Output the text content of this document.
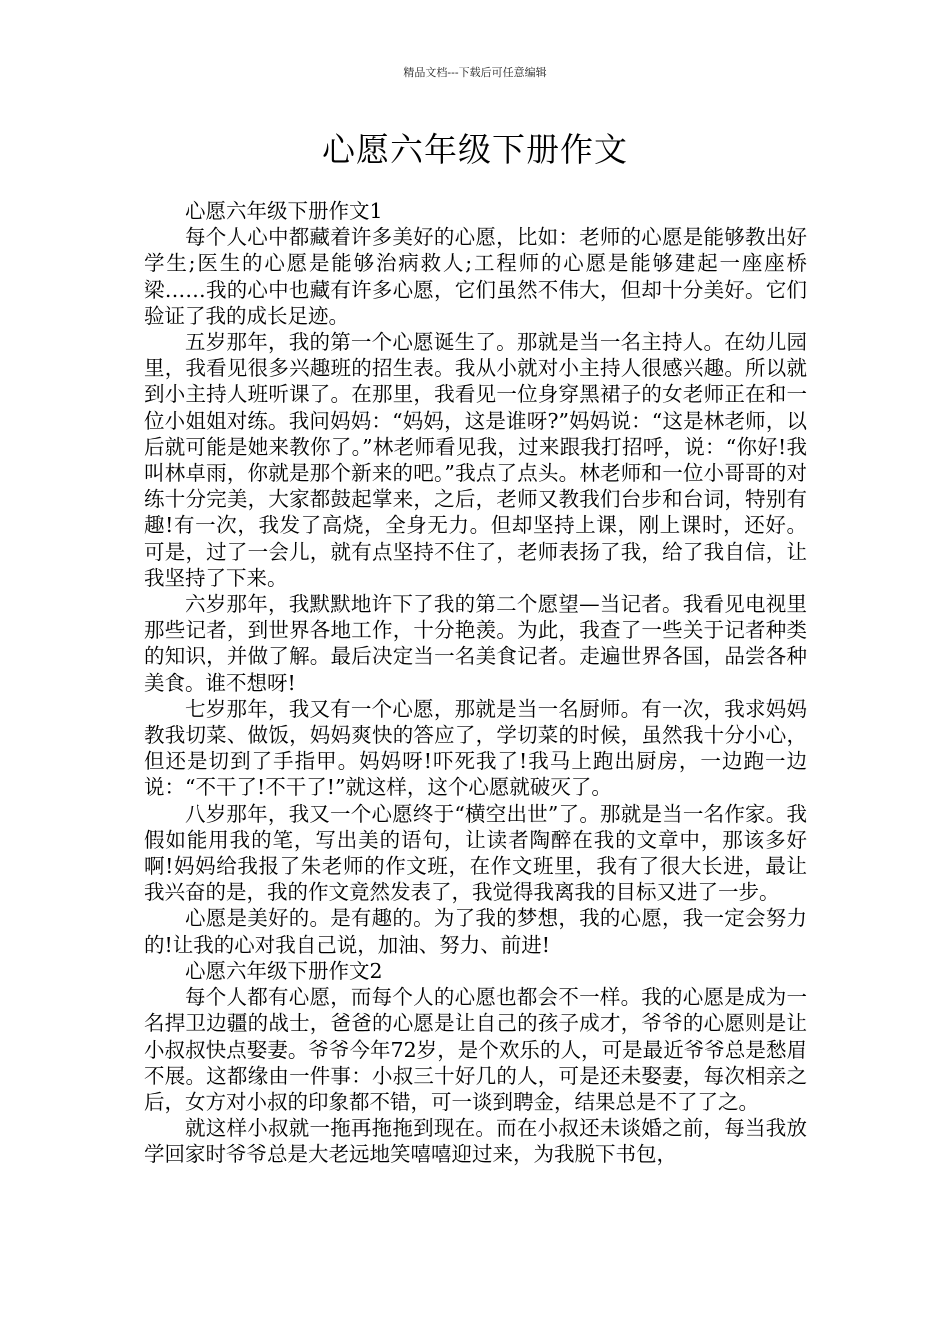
精品文档---下载后可任意编辑
心愿六年级下册作文

心愿六年级下册作文1

每个人心中都藏着许多美好的心愿，比如：老师的心愿是能够教出好学生;医生的心愿是能够治病救人;工程师的心愿是能够建起一座座桥梁……我的心中也藏有许多心愿，它们虽然不伟大，但却十分美好。它们验证了我的成长足迹。

五岁那年，我的第一个心愿诞生了。那就是当一名主持人。在幼儿园里，我看见很多兴趣班的招生表。我从小就对小主持人很感兴趣。所以就到小主持人班听课了。在那里，我看见一位身穿黑裙子的女老师正在和一位小姐姐对练。我问妈妈：“妈妈，这是谁呀?”妈妈说：“这是林老师，以后就可能是她来教你了。”林老师看见我，过来跟我打招呼，说：“你好!我叫林卓雨，你就是那个新来的吧。”我点了点头。林老师和一位小哥哥的对练十分完美，大家都鼓起掌来，之后，老师又教我们台步和台词，特别有趣!有一次，我发了高烧，全身无力。但却坚持上课，刚上课时，还好。可是，过了一会儿，就有点坚持不住了，老师表扬了我，给了我自信，让我坚持了下来。

六岁那年，我默默地许下了我的第二个愿望—当记者。我看见电视里那些记者，到世界各地工作，十分艳羡。为此，我查了一些关于记者种类的知识，并做了解。最后决定当一名美食记者。走遍世界各国，品尝各种美食。谁不想呀!

七岁那年，我又有一个心愿，那就是当一名厨师。有一次，我求妈妈教我切菜、做饭，妈妈爽快的答应了，学切菜的时候，虽然我十分小心，但还是切到了手指甲。妈妈呀!吓死我了!我马上跑出厨房，一边跑一边说：“不干了!不干了!”就这样，这个心愿就破灭了。

八岁那年，我又一个心愿终于“横空出世”了。那就是当一名作家。我假如能用我的笔，写出美的语句，让读者陶醉在我的文章中，那该多好啊!妈妈给我报了朱老师的作文班，在作文班里，我有了很大长进，最让我兴奋的是，我的作文竟然发表了，我觉得我离我的目标又进了一步。

心愿是美好的。是有趣的。为了我的梦想，我的心愿，我一定会努力的!让我的心对我自己说，加油、努力、前进!

心愿六年级下册作文2

每个人都有心愿，而每个人的心愿也都会不一样。我的心愿是成为一名捍卫边疆的战士，爸爸的心愿是让自己的孩子成才，爷爷的心愿则是让小叔叔快点娶妻。爷爷今年72岁，是个欢乐的人，可是最近爷爷总是愁眉不展。这都缘由一件事：小叔三十好几的人，可是还未娶妻，每次相亲之后，女方对小叔的印象都不错，可一谈到聘金，结果总是不了了之。

就这样小叔就一拖再拖拖到现在。而在小叔还未谈婚之前，每当我放学回家时爷爷总是大老远地笑嘻嘻迎过来，为我脱下书包，
